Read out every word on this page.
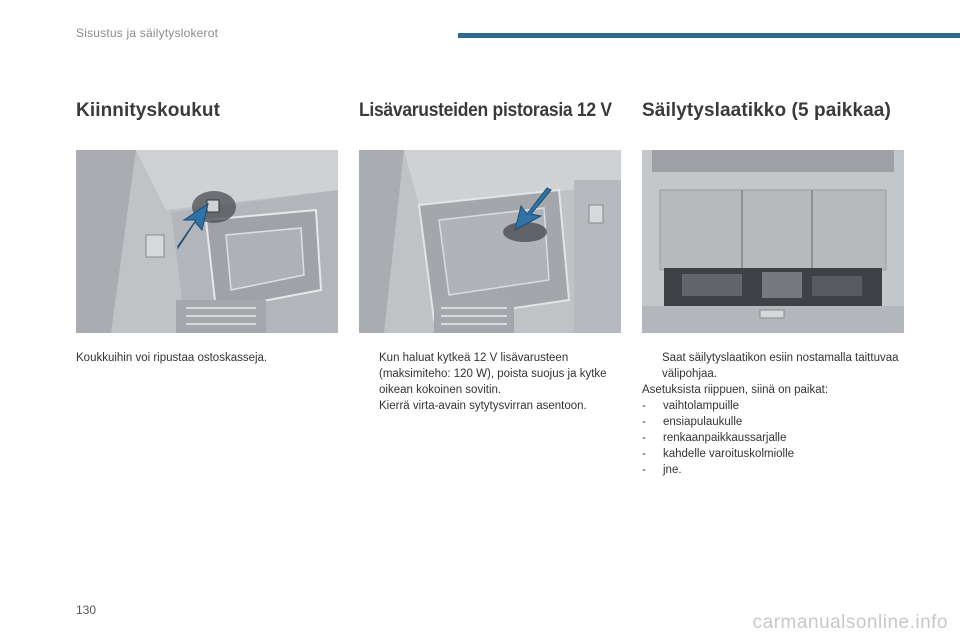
Sisustus ja säilytyslokerot
Kiinnityskoukut
Koukkuihin voi ripustaa ostoskasseja.
Lisävarusteiden pistorasia 12 V
Kun haluat kytkeä 12 V lisävarusteen (maksimiteho: 120 W), poista suojus ja kytke oikean kokoinen sovitin.
Kierrä virta-avain sytytysvirran asentoon.
Säilytyslaatikko (5 paikkaa)
Saat säilytyslaatikon esiin nostamalla taittuvaa välipohjaa.
Asetuksista riippuen, siinä on paikat:
-	vaihtolampuille
-	ensiapulaukulle
-	renkaanpaikkaussarjalle
-	kahdelle varoituskolmiolle
-	jne.
130
carmanualsonline.info
